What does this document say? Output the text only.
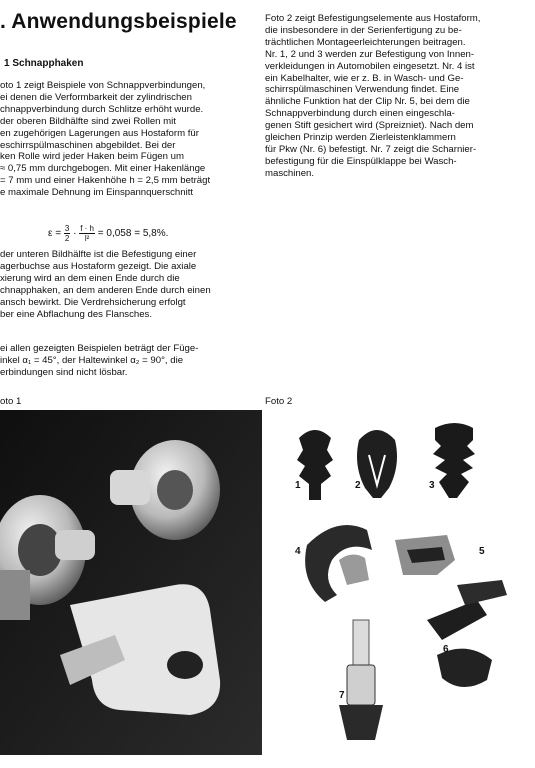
. Anwendungsbeispiele
1 Schnapphaken

oto 1 zeigt Beispiele von Schnappverbindungen,
ei denen die Verformbarkeit der zylindrischen
chnappverbindung durch Schlitze erhöht wurde.
der oberen Bildhälfte sind zwei Rollen mit
en zugehörigen Lagerungen aus Hostaform für
eschirrspülmaschinen abgebildet. Bei der
ken Rolle wird jeder Haken beim Fügen um
≈ 0,75 mm durchgebogen. Mit einer Hakenlänge
= 7 mm und einer Hakenhöhe h = 2,5 mm beträgt
e maximale Dehnung im Einspannquerschnitt

$\varepsilon = \frac{3}{2} \cdot \frac{f \cdot h}{\text{l²}} = 0,058 = 5,8\%$.

der unteren Bildhälfte ist die Befestigung einer
agerbuchse aus Hostaform gezeigt. Die axiale
xierung wird an dem einen Ende durch die
chnapphaken, an dem anderen Ende durch einen
ansch bewirkt. Die Verdrehsicherung erfolgt
ber eine Abflachung des Flansches.

ei allen gezeigten Beispielen beträgt der Füge-
inkel α₁ = 45°, der Haltewinkel α₂ = 90°, die
erbindungen sind nicht lösbar.

oto 1

Foto 2 zeigt Befestigungselemente aus Hostaform,
die insbesondere in der Serienfertigung zu be-
trächtlichen Montageerleichterungen beitragen.
Nr. 1, 2 und 3 werden zur Befestigung von Innen-
verkleidungen in Automobilen eingesetzt. Nr. 4 ist
ein Kabelhalter, wie er z. B. in Wasch- und Ge-
schirrspülmaschinen Verwendung findet. Eine
ähnliche Funktion hat der Clip Nr. 5, bei dem die
Schnappverbindung durch einen eingeschla-
genen Stift gesichert wird (Spreizniet). Nach dem
gleichen Prinzip werden Zierleistenklammern
für Pkw (Nr. 6) befestigt. Nr. 7 zeigt die Scharnier-
befestigung für die Einspülklappe bei Wasch-
maschinen.

Foto 2
1	2	3
4	5
6
7
